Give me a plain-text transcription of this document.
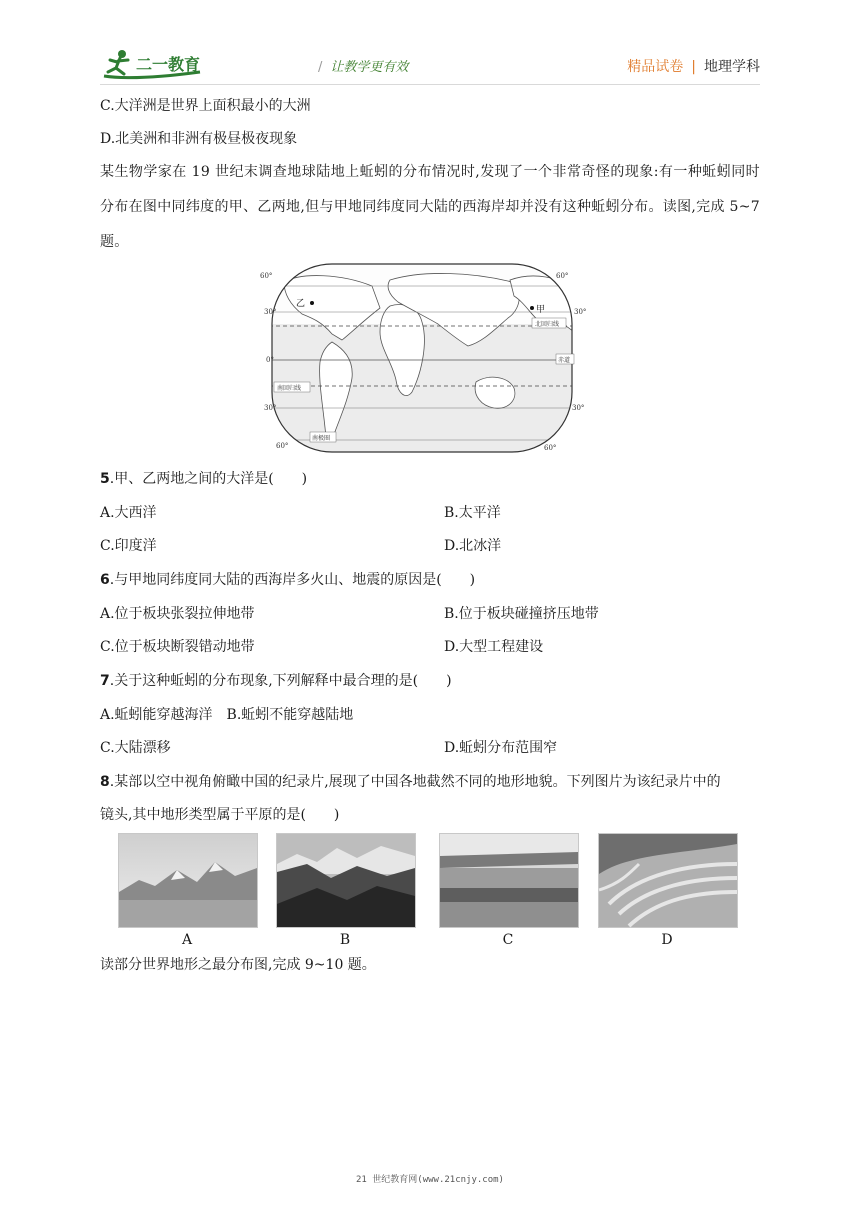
二一教育	/ 让教学更有效	精品试卷 | 地理学科
C.大洋洲是世界上面积最小的大洲
D.北美洲和非洲有极昼极夜现象
某生物学家在 19 世纪末调查地球陆地上蚯蚓的分布情况时,发现了一个非常奇怪的现象:有一种蚯蚓同时分布在图中同纬度的甲、乙两地,但与甲地同纬度同大陆的西海岸却并没有这种蚯蚓分布。读图,完成 5~7 题。
60°
30°
0°
30°
60°
60°
30°
30°
60°
乙
甲
北回归线
赤道
南回归线
南极圈
5.甲、乙两地之间的大洋是(　　)
A.大西洋	B.太平洋
C.印度洋	D.北冰洋
6.与甲地同纬度同大陆的西海岸多火山、地震的原因是(　　)
A.位于板块张裂拉伸地带	B.位于板块碰撞挤压地带
C.位于板块断裂错动地带	D.大型工程建设
7.关于这种蚯蚓的分布现象,下列解释中最合理的是(　　)
A.蚯蚓能穿越海洋　B.蚯蚓不能穿越陆地
C.大陆漂移	D.蚯蚓分布范围窄
8.某部以空中视角俯瞰中国的纪录片,展现了中国各地截然不同的地形地貌。下列图片为该纪录片中的
镜头,其中地形类型属于平原的是(　　)
A	B	C	D
读部分世界地形之最分布图,完成 9~10 题。
21 世纪教育网(www.21cnjy.com)
